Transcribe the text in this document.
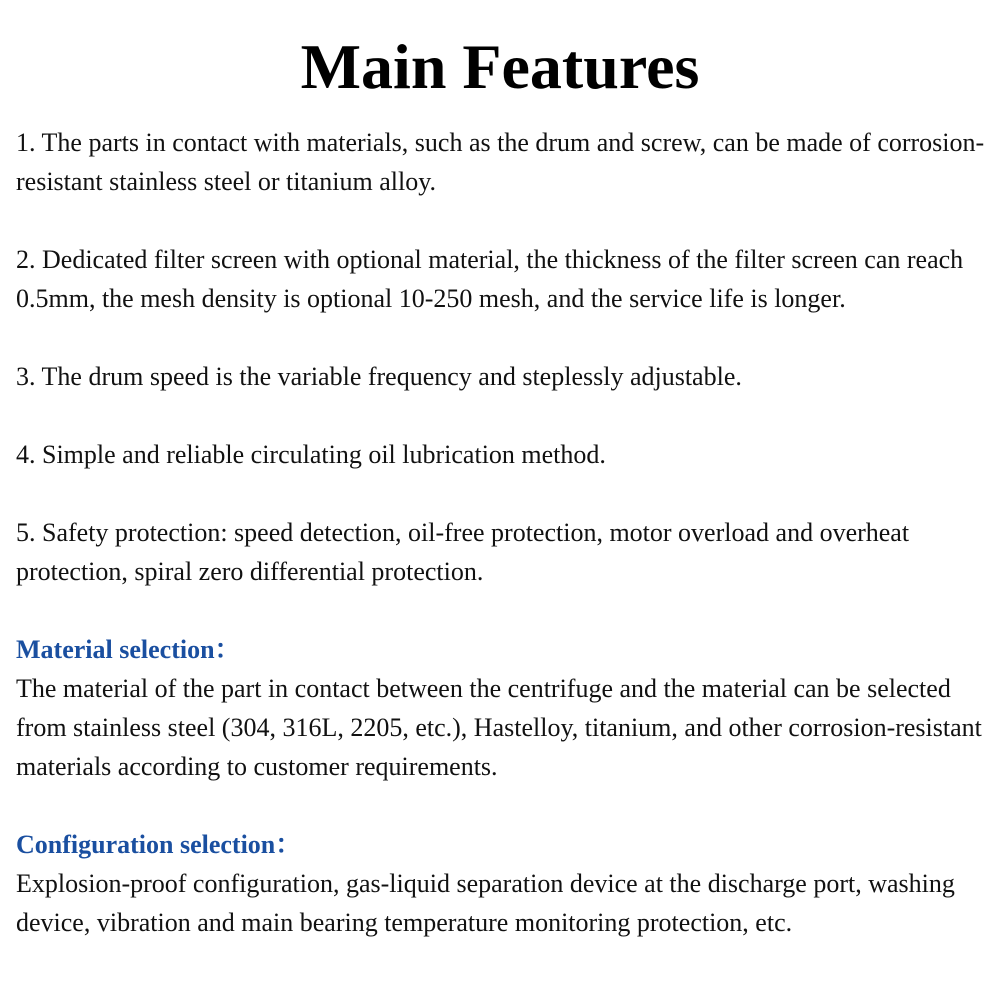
Main Features

1. The parts in contact with materials, such as the drum and screw, can be made of corrosion-resistant stainless steel or titanium alloy.

2. Dedicated filter screen with optional material, the thickness of the filter screen can reach 0.5mm, the mesh density is optional 10-250 mesh, and the service life is longer.

3. The drum speed is the variable frequency and steplessly adjustable.

4. Simple and reliable circulating oil lubrication method.

5. Safety protection: speed detection, oil-free protection, motor overload and overheat protection, spiral zero differential protection.

Material selection：

The material of the part in contact between the centrifuge and the material can be selected from stainless steel (304, 316L, 2205, etc.), Hastelloy, titanium, and other corrosion-resistant materials according to customer requirements.

Configuration selection：

Explosion-proof configuration, gas-liquid separation device at the discharge port, washing device, vibration and main bearing temperature monitoring protection, etc.
